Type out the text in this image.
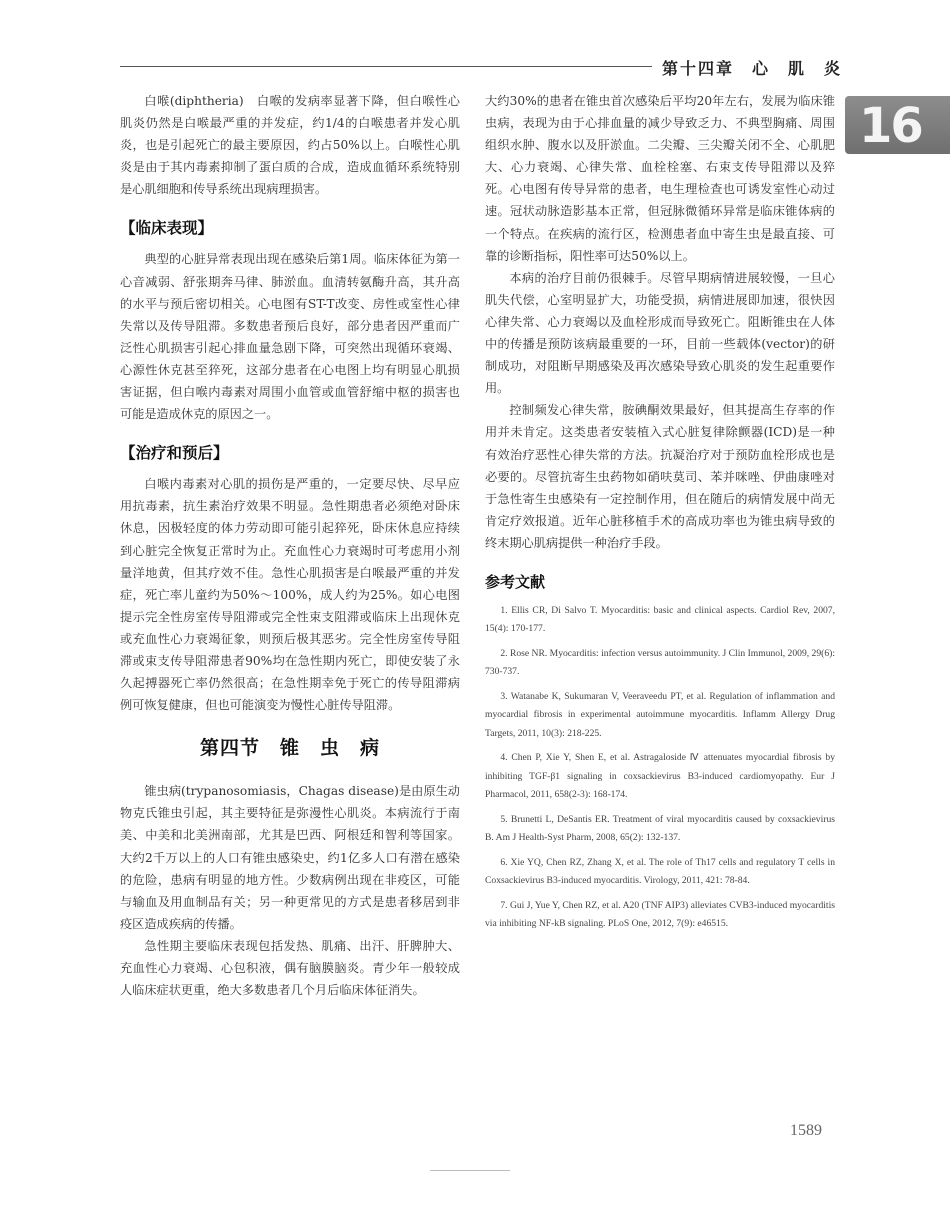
第十四章　心　肌　炎
16

白喉(diphtheria)　白喉的发病率显著下降，但白喉性心肌炎仍然是白喉最严重的并发症，约1/4的白喉患者并发心肌炎，也是引起死亡的最主要原因，约占50%以上。白喉性心肌炎是由于其内毒素抑制了蛋白质的合成，造成血循环系统特别是心肌细胞和传导系统出现病理损害。

【临床表现】

典型的心脏异常表现出现在感染后第1周。临床体征为第一心音减弱、舒张期奔马律、肺淤血。血清转氨酶升高，其升高的水平与预后密切相关。心电图有ST-T改变、房性或室性心律失常以及传导阻滞。多数患者预后良好，部分患者因严重而广泛性心肌损害引起心排血量急剧下降，可突然出现循环衰竭、心源性休克甚至猝死，这部分患者在心电图上均有明显心肌损害证据，但白喉内毒素对周围小血管或血管舒缩中枢的损害也可能是造成休克的原因之一。

【治疗和预后】

白喉内毒素对心肌的损伤是严重的，一定要尽快、尽早应用抗毒素，抗生素治疗效果不明显。急性期患者必须绝对卧床休息，因极轻度的体力劳动即可能引起猝死，卧床休息应持续到心脏完全恢复正常时为止。充血性心力衰竭时可考虑用小剂量洋地黄，但其疗效不佳。急性心肌损害是白喉最严重的并发症，死亡率儿童约为50%～100%，成人约为25%。如心电图提示完全性房室传导阻滞或完全性束支阻滞或临床上出现休克或充血性心力衰竭征象，则预后极其恶劣。完全性房室传导阻滞或束支传导阻滞患者90%均在急性期内死亡，即使安装了永久起搏器死亡率仍然很高；在急性期幸免于死亡的传导阻滞病例可恢复健康，但也可能演变为慢性心脏传导阻滞。

第四节　锥　虫　病

锥虫病(trypanosomiasis，Chagas disease)是由原生动物克氏锥虫引起，其主要特征是弥漫性心肌炎。本病流行于南美、中美和北美洲南部，尤其是巴西、阿根廷和智利等国家。大约2千万以上的人口有锥虫感染史，约1亿多人口有潜在感染的危险，患病有明显的地方性。少数病例出现在非疫区，可能与输血及用血制品有关；另一种更常见的方式是患者移居到非疫区造成疾病的传播。

急性期主要临床表现包括发热、肌痛、出汗、肝脾肿大、充血性心力衰竭、心包积液，偶有脑膜脑炎。青少年一般较成人临床症状更重，绝大多数患者几个月后临床体征消失。

大约30%的患者在锥虫首次感染后平均20年左右，发展为临床锥虫病，表现为由于心排血量的减少导致乏力、不典型胸痛、周围组织水肿、腹水以及肝淤血。二尖瓣、三尖瓣关闭不全、心肌肥大、心力衰竭、心律失常、血栓栓塞、右束支传导阻滞以及猝死。心电图有传导异常的患者，电生理检查也可诱发室性心动过速。冠状动脉造影基本正常，但冠脉微循环异常是临床锥体病的一个特点。在疾病的流行区，检测患者血中寄生虫是最直接、可靠的诊断指标，阳性率可达50%以上。

本病的治疗目前仍很棘手。尽管早期病情进展较慢，一旦心肌失代偿，心室明显扩大，功能受损，病情进展即加速，很快因心律失常、心力衰竭以及血栓形成而导致死亡。阻断锥虫在人体中的传播是预防该病最重要的一环，目前一些载体(vector)的研制成功，对阻断早期感染及再次感染导致心肌炎的发生起重要作用。

控制频发心律失常，胺碘酮效果最好，但其提高生存率的作用并未肯定。这类患者安装植入式心脏复律除颤器(ICD)是一种有效治疗恶性心律失常的方法。抗凝治疗对于预防血栓形成也是必要的。尽管抗寄生虫药物如硝呋莫司、苯并咪唑、伊曲康唑对于急性寄生虫感染有一定控制作用，但在随后的病情发展中尚无肯定疗效报道。近年心脏移植手术的高成功率也为锥虫病导致的终末期心肌病提供一种治疗手段。

参考文献
1. Ellis CR, Di Salvo T. Myocarditis: basic and clinical aspects. Cardiol Rev, 2007, 15(4): 170-177.
2. Rose NR. Myocarditis: infection versus autoimmunity. J Clin Immunol, 2009, 29(6): 730-737.
3. Watanabe K, Sukumaran V, Veeraveedu PT, et al. Regulation of inflammation and myocardial fibrosis in experimental autoimmune myocarditis. Inflamm Allergy Drug Targets, 2011, 10(3): 218-225.
4. Chen P, Xie Y, Shen E, et al. Astragaloside Ⅳ attenuates myocardial fibrosis by inhibiting TGF-β1 signaling in coxsackievirus B3-induced cardiomyopathy. Eur J Pharmacol, 2011, 658(2-3): 168-174.
5. Brunetti L, DeSantis ER. Treatment of viral myocarditis caused by coxsackievirus B. Am J Health-Syst Pharm, 2008, 65(2): 132-137.
6. Xie YQ, Chen RZ, Zhang X, et al. The role of Th17 cells and regulatory T cells in Coxsackievirus B3-induced myocarditis. Virology, 2011, 421: 78-84.
7. Gui J, Yue Y, Chen RZ, et al. A20 (TNF AIP3) alleviates CVB3-induced myocarditis via inhibiting NF-kB signaling. PLoS One, 2012, 7(9): e46515.
1589
